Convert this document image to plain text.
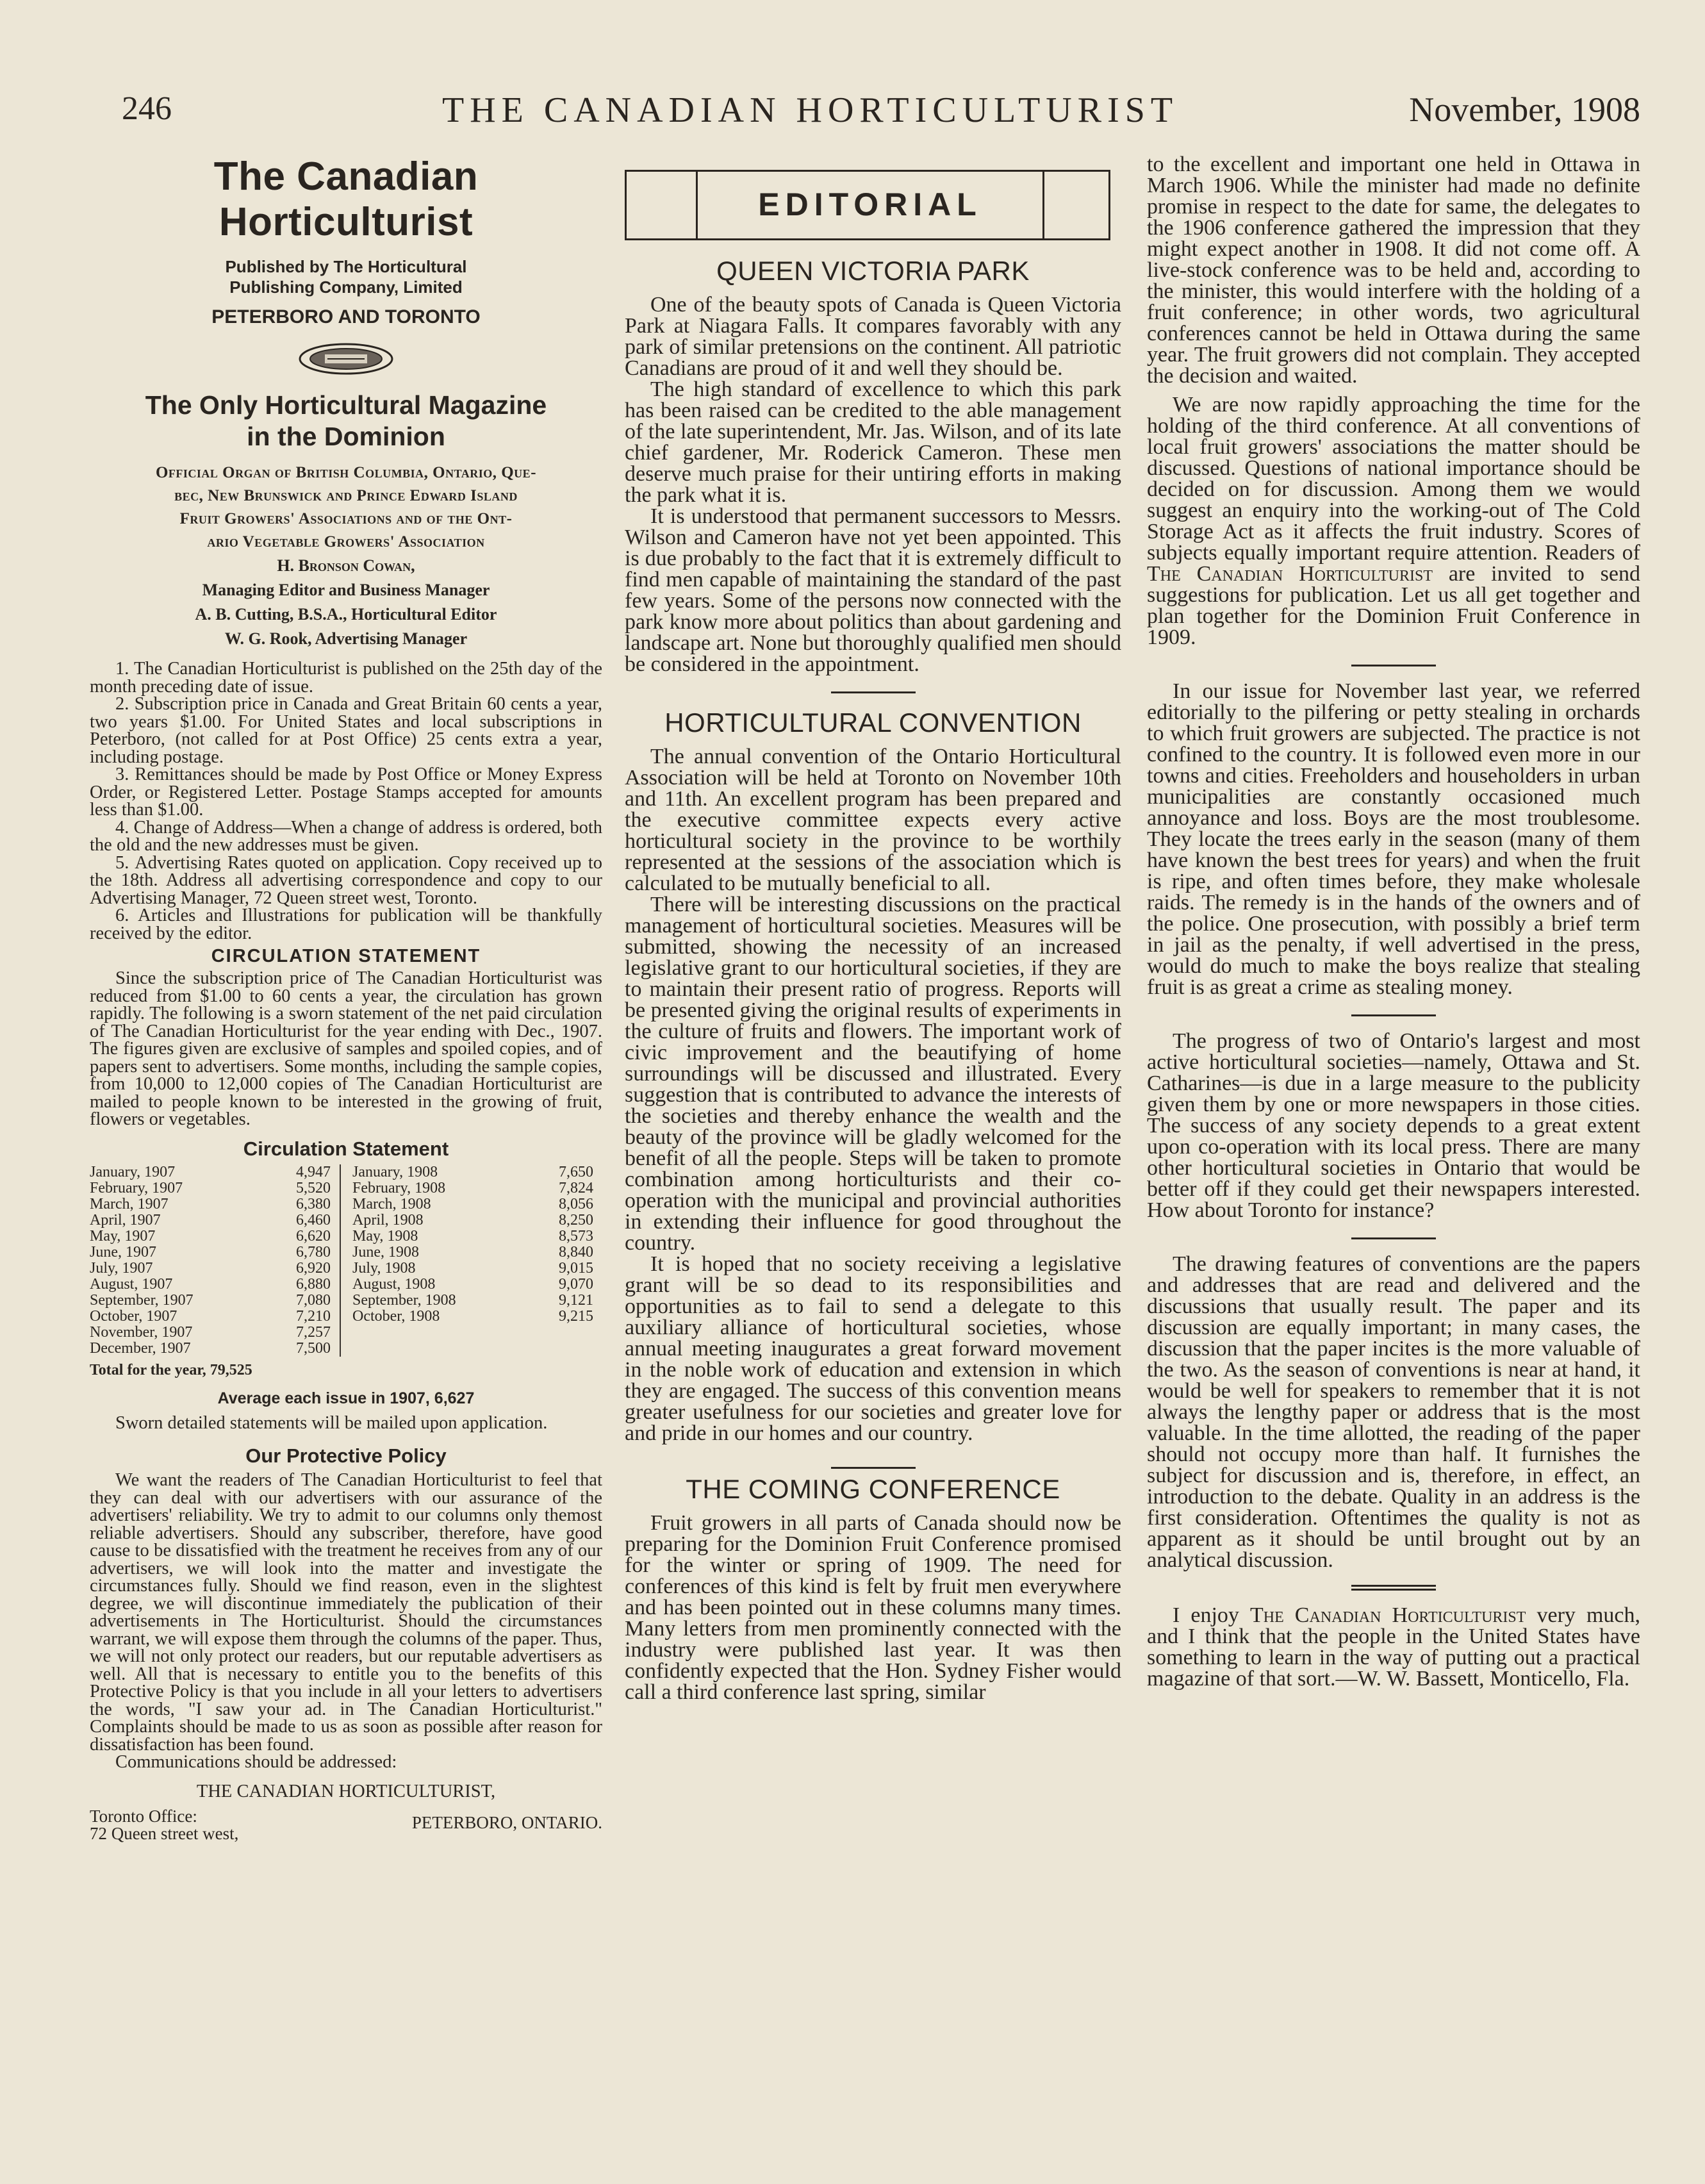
246	THE CANADIAN HORTICULTURIST	November, 1908

The Canadian Horticulturist

Published by The Horticultural

Publishing Company, Limited

PETERBORO AND TORONTO

The Only Horticultural Magazine

in the Dominion

Official Organ of British Columbia, Ontario, Que-

bec, New Brunswick and Prince Edward Island

Fruit Growers' Associations and of the Ont-

ario Vegetable Growers' Association

H. Bronson Cowan,

Managing Editor and Business Manager

A. B. Cutting, B.S.A., Horticultural Editor

W. G. Rook, Advertising Manager

1. The Canadian Horticulturist is published on the 25th day of the month preceding date of issue.

2. Subscription price in Canada and Great Britain 60 cents a year, two years $1.00. For United States and local subscriptions in Peterboro, (not called for at Post Office) 25 cents extra a year, including postage.

3. Remittances should be made by Post Office or Money Express Order, or Registered Letter. Postage Stamps accepted for amounts less than $1.00.

4. Change of Address—When a change of address is ordered, both the old and the new addresses must be given.

5. Advertising Rates quoted on application. Copy received up to the 18th. Address all advertising correspondence and copy to our Advertising Manager, 72 Queen street west, Toronto.

6. Articles and Illustrations for publication will be thankfully received by the editor.

CIRCULATION STATEMENT

Since the subscription price of The Canadian Horticulturist was reduced from $1.00 to 60 cents a year, the circulation has grown rapidly. The following is a sworn statement of the net paid circulation of The Canadian Horticulturist for the year ending with Dec., 1907. The figures given are exclusive of samples and spoiled copies, and of papers sent to advertisers. Some months, including the sample copies, from 10,000 to 12,000 copies of The Canadian Horticulturist are mailed to people known to be interested in the growing of fruit, flowers or vegetables.

Circulation Statement

January, 1907	4,947
February, 1907	5,520
March, 1907	6,380
April, 1907	6,460
May, 1907	6,620
June, 1907	6,780
July, 1907	6,920
August, 1907	6,880
September, 1907	7,080
October, 1907	7,210
November, 1907	7,257
December, 1907	7,500
January, 1908	7,650
February, 1908	7,824
March, 1908	8,056
April, 1908	8,250
May, 1908	8,573
June, 1908	8,840
July, 1908	9,015
August, 1908	9,070
September, 1908	9,121
October, 1908	9,215

Total for the year, 79,525

Average each issue in 1907, 6,627

Sworn detailed statements will be mailed upon application.

Our Protective Policy

We want the readers of The Canadian Horticulturist to feel that they can deal with our advertisers with our assurance of the advertisers' reliability. We try to admit to our columns only themost reliable advertisers. Should any subscriber, therefore, have good cause to be dissatisfied with the treatment he receives from any of our advertisers, we will look into the matter and investigate the circumstances fully. Should we find reason, even in the slightest degree, we will discontinue immediately the publication of their advertisements in The Horticulturist. Should the circumstances warrant, we will expose them through the columns of the paper. Thus, we will not only protect our readers, but our reputable advertisers as well. All that is necessary to entitle you to the benefits of this Protective Policy is that you include in all your letters to advertisers the words, "I saw your ad. in The Canadian Horticulturist." Complaints should be made to us as soon as possible after reason for dissatisfaction has been found.

Communications should be addressed:

THE CANADIAN HORTICULTURIST,

Toronto Office:
72 Queen street west,
PETERBORO, ONTARIO.
EDITORIAL

QUEEN VICTORIA PARK

One of the beauty spots of Canada is Queen Victoria Park at Niagara Falls. It compares favorably with any park of similar pretensions on the continent. All patriotic Canadians are proud of it and well they should be.

The high standard of excellence to which this park has been raised can be credited to the able management of the late superintendent, Mr. Jas. Wilson, and of its late chief gardener, Mr. Roderick Cameron. These men deserve much praise for their untiring efforts in making the park what it is.

It is understood that permanent successors to Messrs. Wilson and Cameron have not yet been appointed. This is due probably to the fact that it is extremely difficult to find men capable of maintaining the standard of the past few years. Some of the persons now connected with the park know more about politics than about gardening and landscape art. None but thoroughly qualified men should be considered in the appointment.

HORTICULTURAL CONVENTION

The annual convention of the Ontario Horticultural Association will be held at Toronto on November 10th and 11th. An excellent program has been prepared and the executive committee expects every active horticultural society in the province to be worthily represented at the sessions of the association which is calculated to be mutually beneficial to all.

There will be interesting discussions on the practical management of horticultural societies. Measures will be submitted, showing the necessity of an increased legislative grant to our horticultural societies, if they are to maintain their present ratio of progress. Reports will be presented giving the original results of experiments in the culture of fruits and flowers. The important work of civic improvement and the beautifying of home surroundings will be discussed and illustrated. Every suggestion that is contributed to advance the interests of the societies and thereby enhance the wealth and the beauty of the province will be gladly welcomed for the benefit of all the people. Steps will be taken to promote combination among horticulturists and their co-operation with the municipal and provincial authorities in extending their influence for good throughout the country.

It is hoped that no society receiving a legislative grant will be so dead to its responsibilities and opportunities as to fail to send a delegate to this auxiliary alliance of horticultural societies, whose annual meeting inaugurates a great forward movement in the noble work of education and extension in which they are engaged. The success of this convention means greater usefulness for our societies and greater love for and pride in our homes and our country.

THE COMING CONFERENCE

Fruit growers in all parts of Canada should now be preparing for the Dominion Fruit Conference promised for the winter or spring of 1909. The need for conferences of this kind is felt by fruit men everywhere and has been pointed out in these columns many times. Many letters from men prominently connected with the industry were published last year. It was then confidently expected that the Hon. Sydney Fisher would call a third conference last spring, similar

to the excellent and important one held in Ottawa in March 1906. While the minister had made no definite promise in respect to the date for same, the delegates to the 1906 conference gathered the impression that they might expect another in 1908. It did not come off. A live-stock conference was to be held and, according to the minister, this would interfere with the holding of a fruit conference; in other words, two agricultural conferences cannot be held in Ottawa during the same year. The fruit growers did not complain. They accepted the decision and waited.

We are now rapidly approaching the time for the holding of the third conference. At all conventions of local fruit growers' associations the matter should be discussed. Questions of national importance should be decided on for discussion. Among them we would suggest an enquiry into the working-out of The Cold Storage Act as it affects the fruit industry. Scores of subjects equally important require attention. Readers of The Canadian Horticulturist are invited to send suggestions for publication. Let us all get together and plan together for the Dominion Fruit Conference in 1909.

In our issue for November last year, we referred editorially to the pilfering or petty stealing in orchards to which fruit growers are subjected. The practice is not confined to the country. It is followed even more in our towns and cities. Freeholders and householders in urban municipalities are constantly occasioned much annoyance and loss. Boys are the most troublesome. They locate the trees early in the season (many of them have known the best trees for years) and when the fruit is ripe, and often times before, they make wholesale raids. The remedy is in the hands of the owners and of the police. One prosecution, with possibly a brief term in jail as the penalty, if well advertised in the press, would do much to make the boys realize that stealing fruit is as great a crime as stealing money.

The progress of two of Ontario's largest and most active horticultural societies—namely, Ottawa and St. Catharines—is due in a large measure to the publicity given them by one or more newspapers in those cities. The success of any society depends to a great extent upon co-operation with its local press. There are many other horticultural societies in Ontario that would be better off if they could get their newspapers interested. How about Toronto for instance?

The drawing features of conventions are the papers and addresses that are read and delivered and the discussions that usually result. The paper and its discussion are equally important; in many cases, the discussion that the paper incites is the more valuable of the two. As the season of conventions is near at hand, it would be well for speakers to remember that it is not always the lengthy paper or address that is the most valuable. In the time allotted, the reading of the paper should not occupy more than half. It furnishes the subject for discussion and is, therefore, in effect, an introduction to the debate. Quality in an address is the first consideration. Oftentimes the quality is not as apparent as it should be until brought out by an analytical discussion.

I enjoy The Canadian Horticulturist very much, and I think that the people in the United States have something to learn in the way of putting out a practical magazine of that sort.—W. W. Bassett, Monticello, Fla.
